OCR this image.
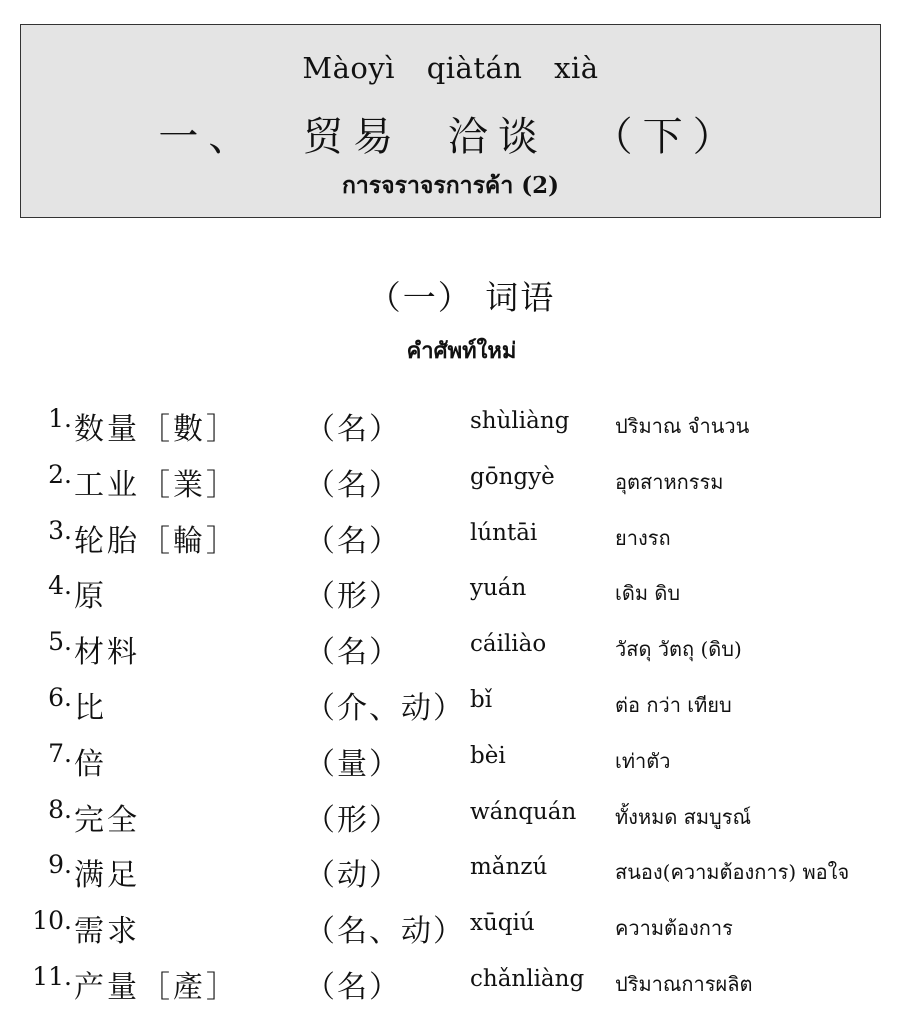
Màoyì qiàtán xià
一、 贸易 洽谈 （下）
การจราจรการค้า (2)
（一） 词语
คำศัพท์ใหม่
1. 数量［數］ （名）	shùliàng ปริมาณ จำนวน
2. 工业［業］ （名）	gōngyè	อุตสาหกรรม
3. 轮胎［輪］ （名）	lúntāi	ยางรถ
4. 原	（形）	yuán	เดิม ดิบ
5. 材料	（名）	cáiliào	วัสดุ วัตถุ (ดิบ)
6. 比	（介、动） bǐ	ต่อ กว่า เทียบ
7. 倍	（量）	bèi	เท่าตัว
8. 完全	（形）	wánquán ทั้งหมด สมบูรณ์
9. 满足	（动）	mǎnzú	สนอง(ความต้องการ) พอใจ
10. 需求	（名、动） xūqiú	ความต้องการ
11. 产量［產］ （名）	chǎnliàng ปริมาณการผลิต
